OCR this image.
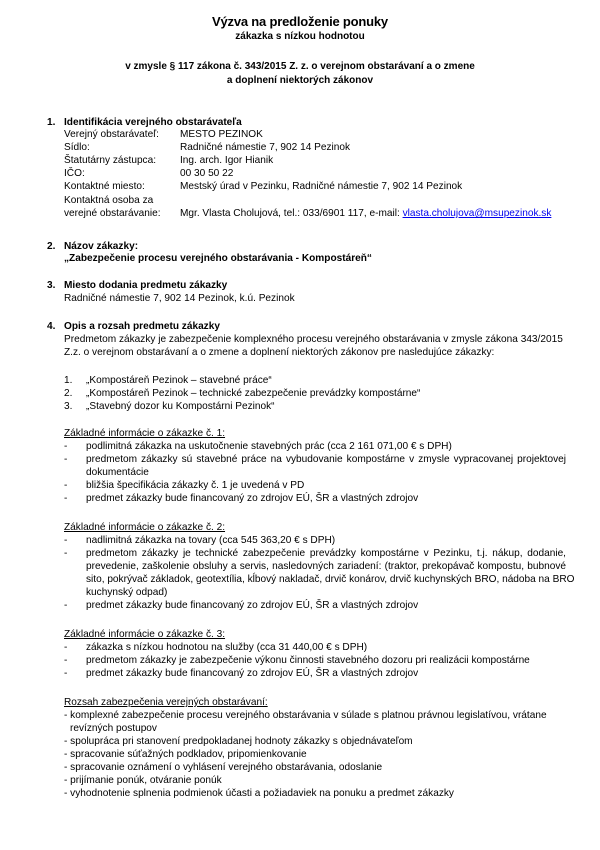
Výzva na predloženie ponuky
zákazka s nízkou hodnotou
v zmysle § 117 zákona č. 343/2015 Z. z. o verejnom obstarávaní a o zmene
a doplnení niektorých zákonov
1. Identifikácia verejného obstarávateľa
Verejný obstarávateľ: MESTO PEZINOK
Sídlo:	Radničné námestie 7, 902 14 Pezinok
Štatutárny zástupca: Ing. arch. Igor Hianik
IČO:	00 30 50 22
Kontaktné miesto:	Mestský úrad v Pezinku, Radničné námestie 7, 902 14 Pezinok
Kontaktná osoba za
verejné obstarávanie: Mgr. Vlasta Cholujová, tel.: 033/6901 117, e-mail: vlasta.cholujova@msupezinok.sk
2. Názov zákazky:
„Zabezpečenie procesu verejného obstarávania - Kompostáreň“
3. Miesto dodania predmetu zákazky
Radničné námestie 7, 902 14 Pezinok, k.ú. Pezinok
4. Opis a rozsah predmetu zákazky
Predmetom zákazky je zabezpečenie komplexného procesu verejného obstarávania v zmysle zákona 343/2015
Z.z. o verejnom obstarávaní a o zmene a doplnení niektorých zákonov pre nasledujúce zákazky:
1. „Kompostáreň Pezinok – stavebné práce“
2. „Kompostáreň Pezinok – technické zabezpečenie prevádzky kompostárne“
3. „Stavebný dozor ku Kompostárni Pezinok“
Základné informácie o zákazke č. 1:
- podlimitná zákazka na uskutočnenie stavebných prác (cca 2 161 071,00 € s DPH)
- predmetom zákazky sú stavebné práce na vybudovanie kompostárne v zmysle vypracovanej projektovej
dokumentácie
- bližšia špecifikácia zákazky č. 1 je uvedená v PD
- predmet zákazky bude financovaný zo zdrojov EÚ, ŠR a vlastných zdrojov
Základné informácie o zákazke č. 2:
- nadlimitná zákazka na tovary (cca 545 363,20 € s DPH)
- predmetom zákazky je technické zabezpečenie prevádzky kompostárne v Pezinku, t.j. nákup, dodanie,
prevedenie, zaškolenie obsluhy a servis, nasledovných zariadení: (traktor, prekopávač kompostu, bubnové
sito, pokrývač základok, geotextília, kĺbový nakladač, drvič konárov, drvič kuchynských BRO, nádoba na BRO
kuchynský odpad)
- predmet zákazky bude financovaný zo zdrojov EÚ, ŠR a vlastných zdrojov
Základné informácie o zákazke č. 3:
- zákazka s nízkou hodnotou na služby (cca 31 440,00 € s DPH)
- predmetom zákazky je zabezpečenie výkonu činnosti stavebného dozoru pri realizácii kompostárne
- predmet zákazky bude financovaný zo zdrojov EÚ, ŠR a vlastných zdrojov
Rozsah zabezpečenia verejných obstarávaní:
- komplexné zabezpečenie procesu verejného obstarávania v súlade s platnou právnou legislatívou, vrátane
revízných postupov
- spolupráca pri stanovení predpokladanej hodnoty zákazky s objednávateľom
- spracovanie súťažných podkladov, pripomienkovanie
- spracovanie oznámení o vyhlásení verejného obstarávania, odoslanie
- prijímanie ponúk, otváranie ponúk
- vyhodnotenie splnenia podmienok účasti a požiadaviek na ponuku a predmet zákazky
